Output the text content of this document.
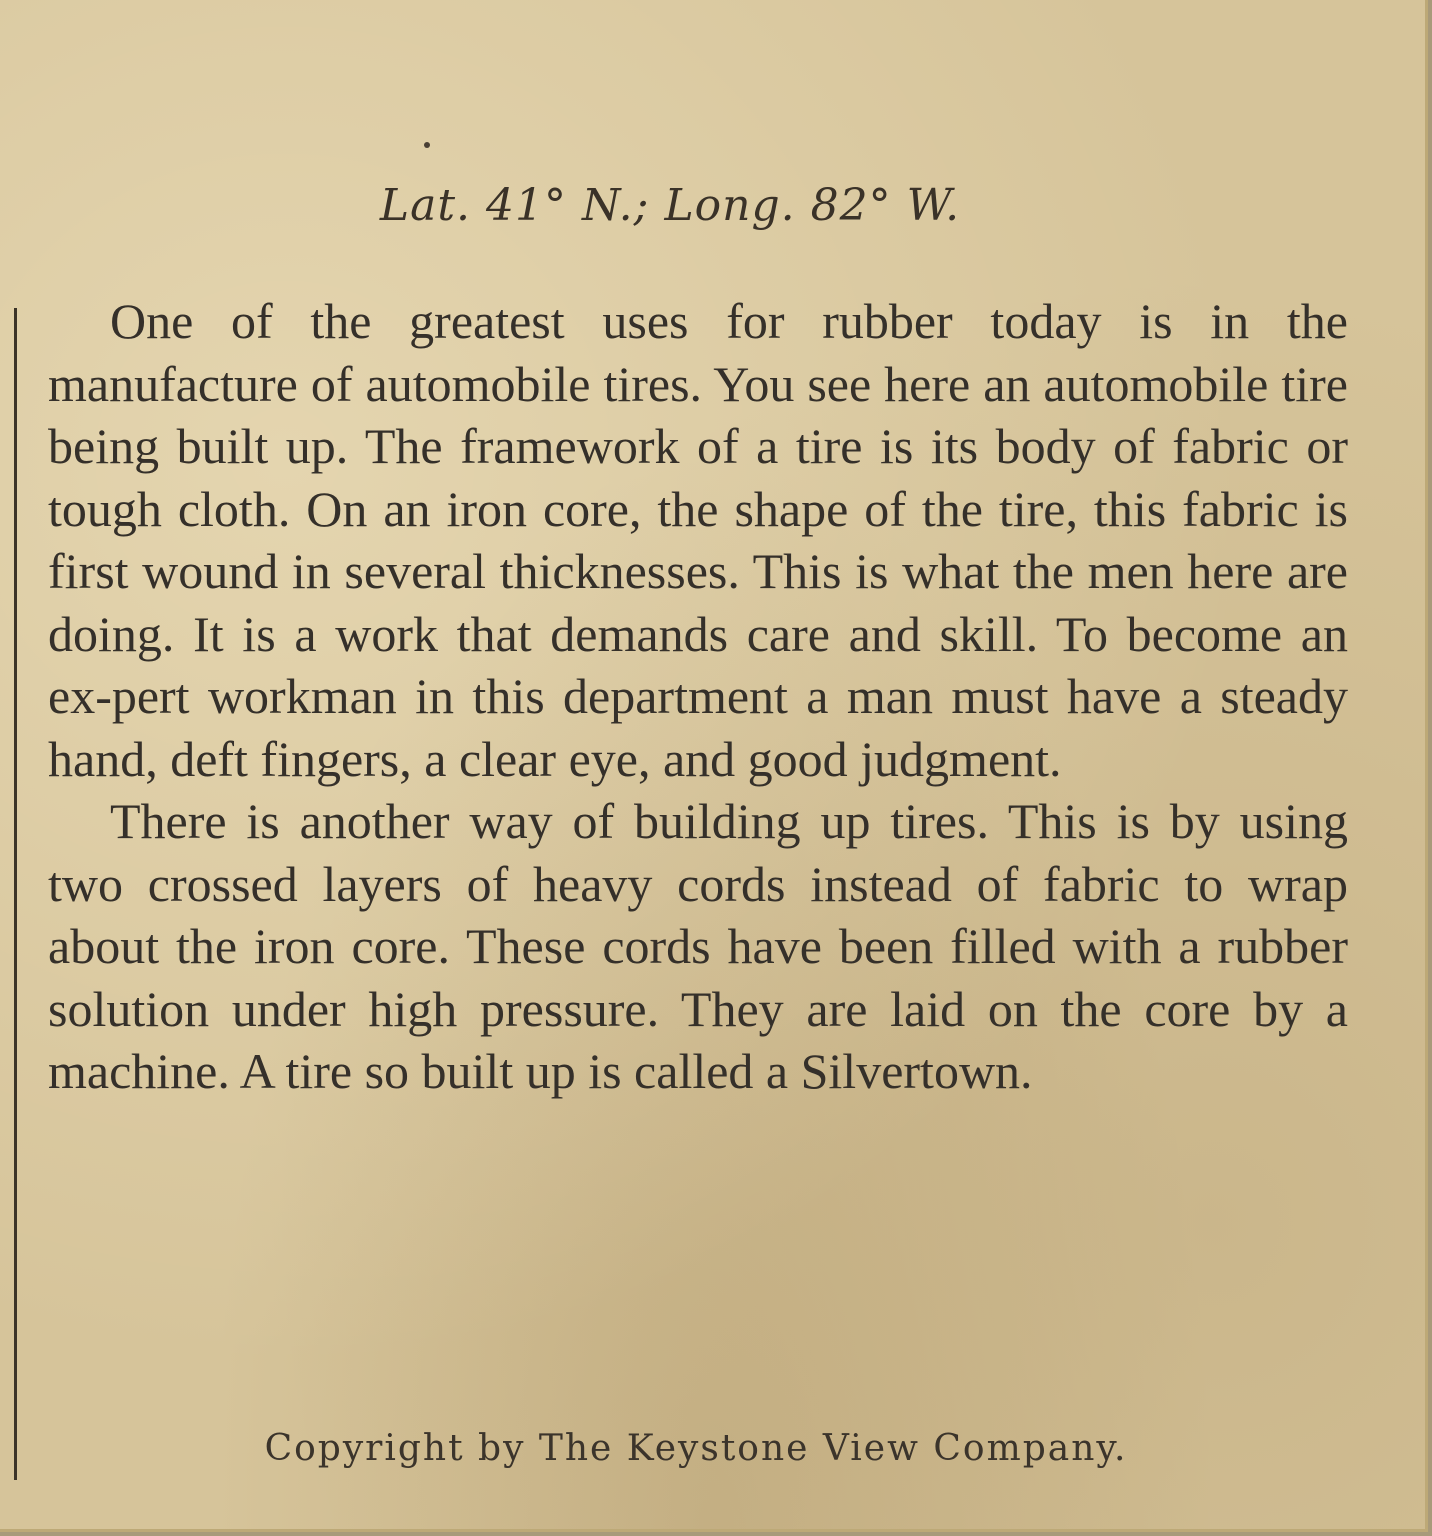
Lat. 41° N.; Long. 82° W.

One of the greatest uses for rubber today is in the manufacture of automobile tires. You see here an automobile tire being built up. The framework of a tire is its body of fabric or tough cloth. On an iron core, the shape of the tire, this fabric is first wound in several thicknesses. This is what the men here are doing. It is a work that demands care and skill. To become an ex-pert workman in this department a man must have a steady hand, deft fingers, a clear eye, and good judgment.

There is another way of building up tires. This is by using two crossed layers of heavy cords instead of fabric to wrap about the iron core. These cords have been filled with a rubber solution under high pressure. They are laid on the core by a machine. A tire so built up is called a Silvertown.

Copyright by The Keystone View Company.
